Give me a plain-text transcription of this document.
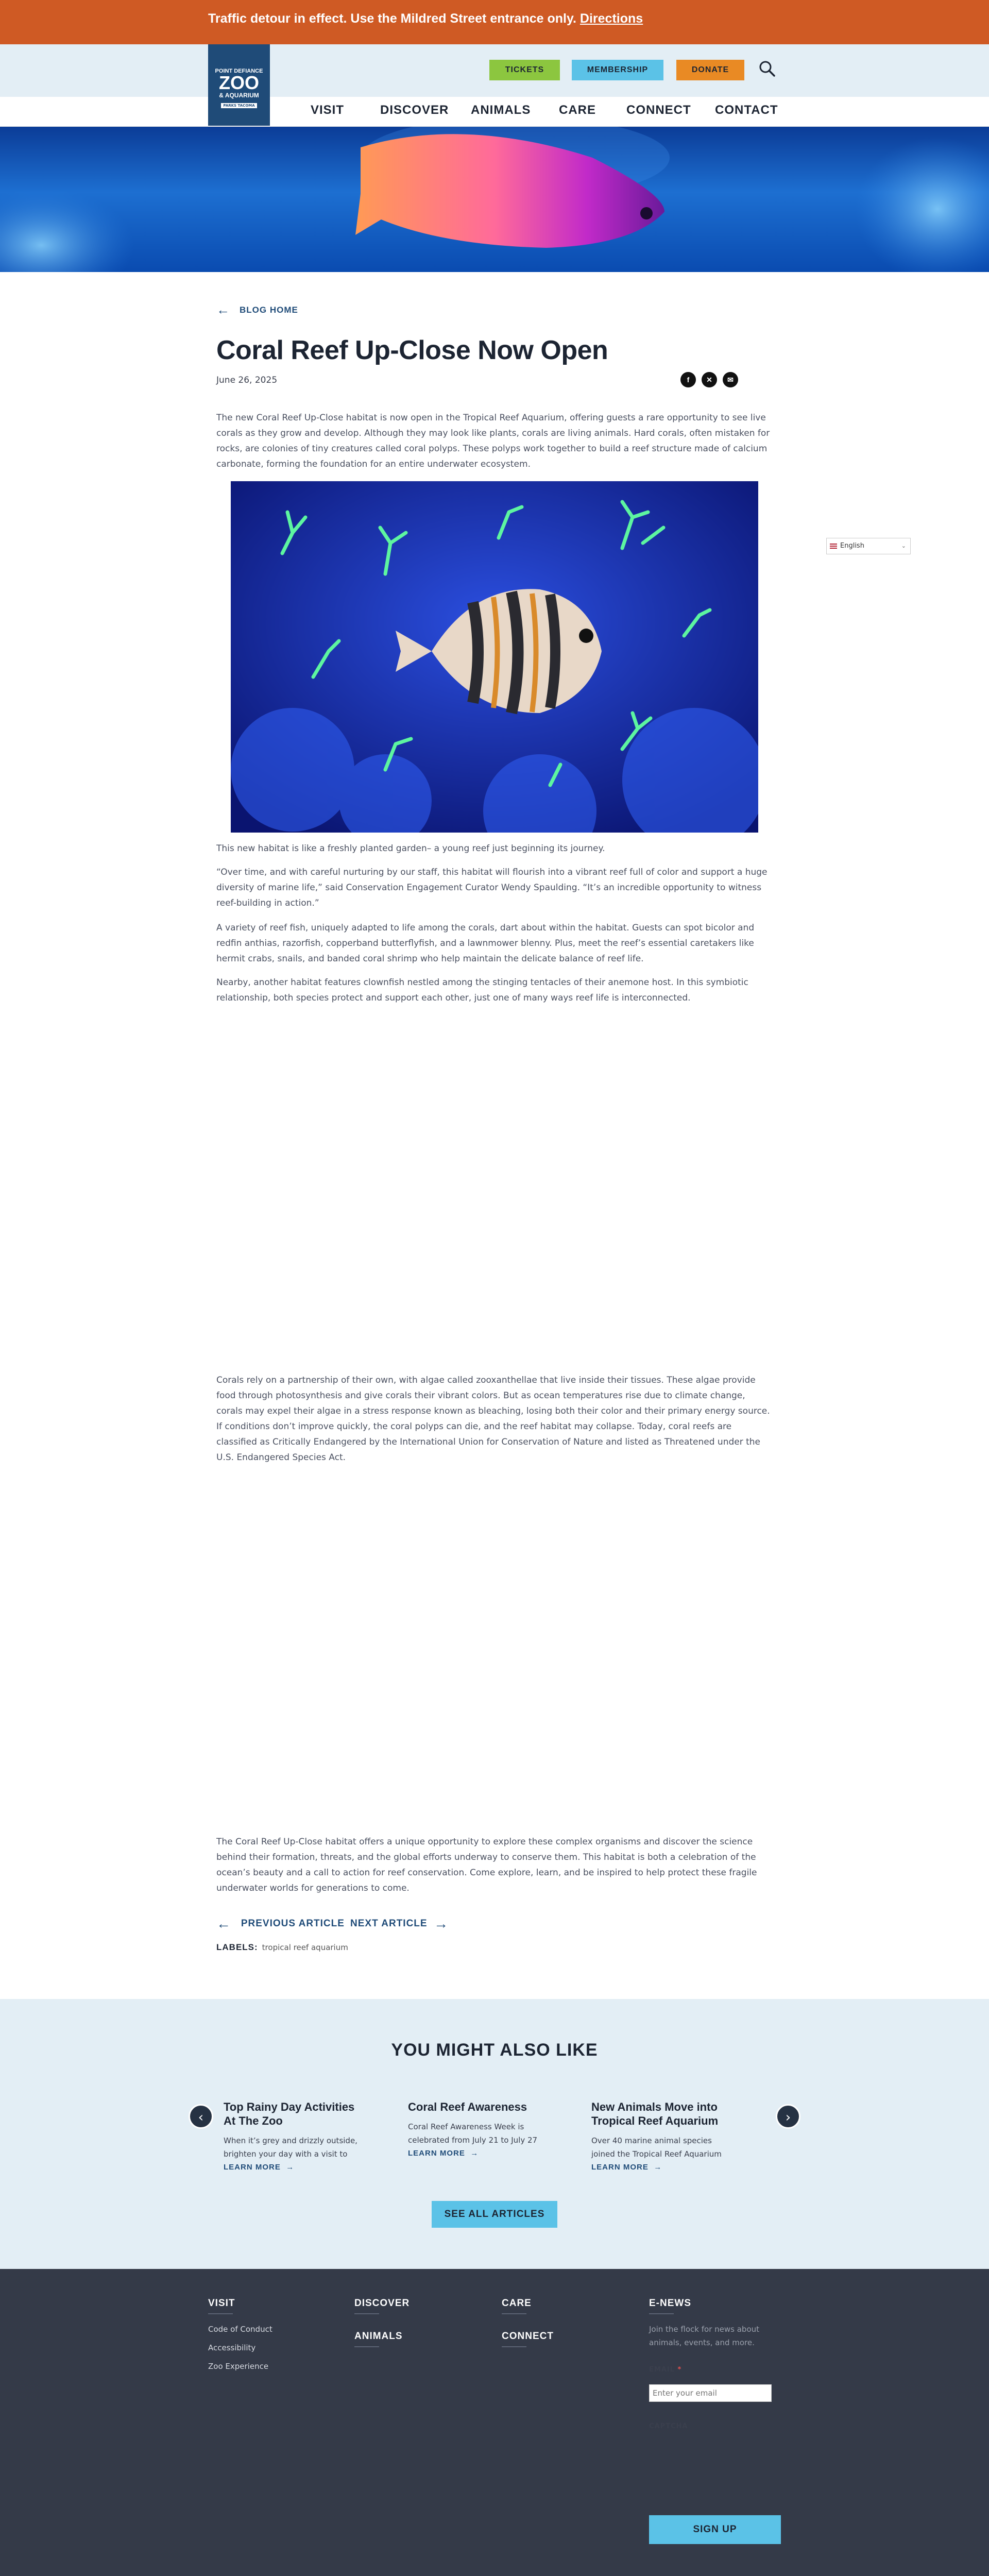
Traffic detour in effect. Use the Mildred Street entrance only. Directions
POINT DEFIANCE
ZOO
& AQUARIUM
PARKS TACOMA
TICKETS	MEMBERSHIP	DONATE
VISIT	DISCOVER ANIMALS CARE CONNECT CONTACT
← BLOG HOME
Coral Reef Up-Close Now Open
June 26, 2025	f	✕	✉

The new Coral Reef Up-Close habitat is now open in the Tropical Reef Aquarium, offering guests a rare opportunity to see live corals as they grow and develop. Although they may look like plants, corals are living animals. Hard corals, often mistaken for rocks, are colonies of tiny creatures called coral polyps. These polyps work together to build a reef structure made of calcium carbonate, forming the foundation for an entire underwater ecosystem.

English	⌄

This new habitat is like a freshly planted garden– a young reef just beginning its journey.

“Over time, and with careful nurturing by our staff, this habitat will flourish into a vibrant reef full of color and support a huge diversity of marine life,” said Conservation Engagement Curator Wendy Spaulding. “It’s an incredible opportunity to witness reef-building in action.”

A variety of reef fish, uniquely adapted to life among the corals, dart about within the habitat. Guests can spot bicolor and redfin anthias, razorfish, copperband butterflyfish, and a lawnmower blenny. Plus, meet the reef’s essential caretakers like hermit crabs, snails, and banded coral shrimp who help maintain the delicate balance of reef life.

Nearby, another habitat features clownfish nestled among the stinging tentacles of their anemone host. In this symbiotic relationship, both species protect and support each other, just one of many ways reef life is interconnected.

Corals rely on a partnership of their own, with algae called zooxanthellae that live inside their tissues. These algae provide food through photosynthesis and give corals their vibrant colors. But as ocean temperatures rise due to climate change, corals may expel their algae in a stress response known as bleaching, losing both their color and their primary energy source. If conditions don’t improve quickly, the coral polyps can die, and the reef habitat may collapse. Today, coral reefs are classified as Critically Endangered by the International Union for Conservation of Nature and listed as Threatened under the U.S. Endangered Species Act.

The Coral Reef Up-Close habitat offers a unique opportunity to explore these complex organisms and discover the science behind their formation, threats, and the global efforts underway to conserve them. This habitat is both a celebration of the ocean’s beauty and a call to action for reef conservation. Come explore, learn, and be inspired to help protect these fragile underwater worlds for generations to come.

← PREVIOUS ARTICLE NEXT ARTICLE →
LABELS: tropical reef aquarium
YOU MIGHT ALSO LIKE
‹	›
Top Rainy Day Activities At The Zoo
When it’s grey and drizzly outside, brighten your day with a visit to
LEARN MORE →
Coral Reef Awareness
Coral Reef Awareness Week is celebrated from July 21 to July 27
LEARN MORE →
New Animals Move into Tropical Reef Aquarium
Over 40 marine animal species joined the Tropical Reef Aquarium
LEARN MORE →
SEE ALL ARTICLES
VISIT
Code of Conduct
Accessibility
Zoo Experience
DISCOVER
ANIMALS
CARE
CONNECT
E-NEWS
Join the flock for news about animals, events, and more.
EMAIL *
Enter your email
CAPTCHA
SIGN UP
